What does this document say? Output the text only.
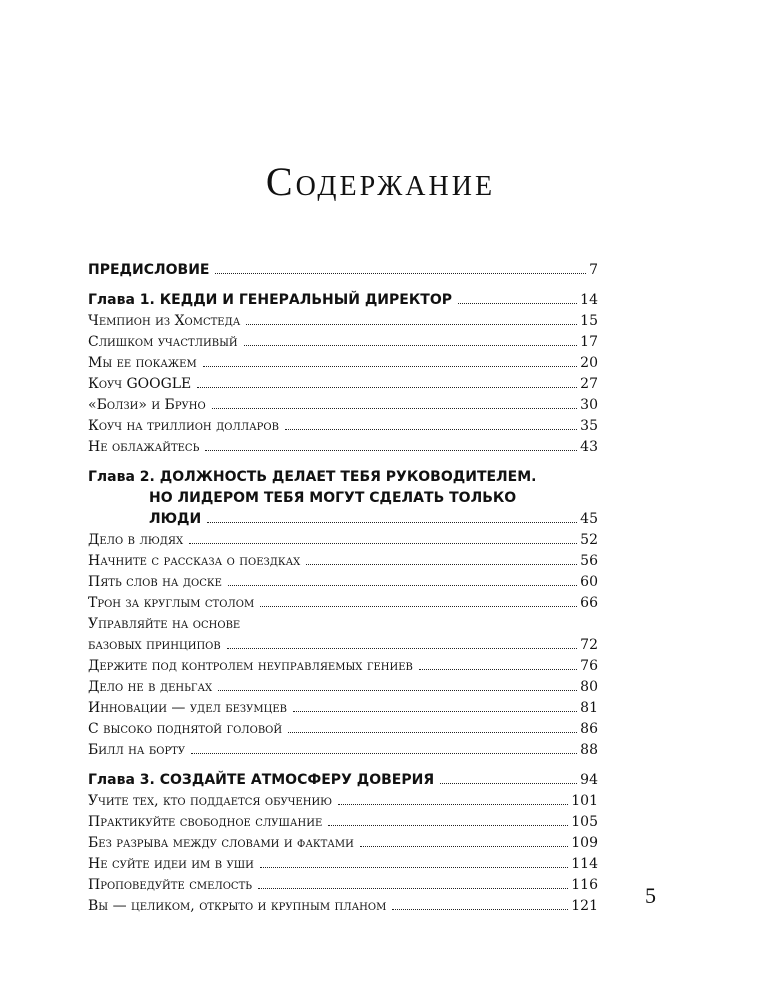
Содержание
ПРЕДИСЛОВИЕ	7
Глава 1. КЕДДИ И ГЕНЕРАЛЬНЫЙ ДИРЕКТОР	14
Чемпион из Хомстеда	15
Слишком участливый	17
Мы ее покажем	20
Коуч GOOGLE	27
«Болзи» и Бруно	30
Коуч на триллион долларов	35
Не облажайтесь	43
Глава 2. ДОЛЖНОСТЬ ДЕЛАЕТ ТЕБЯ РУКОВОДИТЕЛЕМ.
НО ЛИДЕРОМ ТЕБЯ МОГУТ СДЕЛАТЬ ТОЛЬКО
ЛЮДИ	45
Дело в людях	52
Начните с рассказа о поездках	56
Пять слов на доске	60
Трон за круглым столом	66
Управляйте на основе
базовых принципов	72
Держите под контролем неуправляемых гениев	76
Дело не в деньгах	80
Инновации — удел безумцев	81
С высоко поднятой головой	86
Билл на борту	88
Глава 3. СОЗДАЙТЕ АТМОСФЕРУ ДОВЕРИЯ	94
Учите тех, кто поддается обучению	101
Практикуйте свободное слушание	105
Без разрыва между словами и фактами	109
Не суйте идеи им в уши	114
Проповедуйте смелость	116
Вы — целиком, открыто и крупным планом	121 5
